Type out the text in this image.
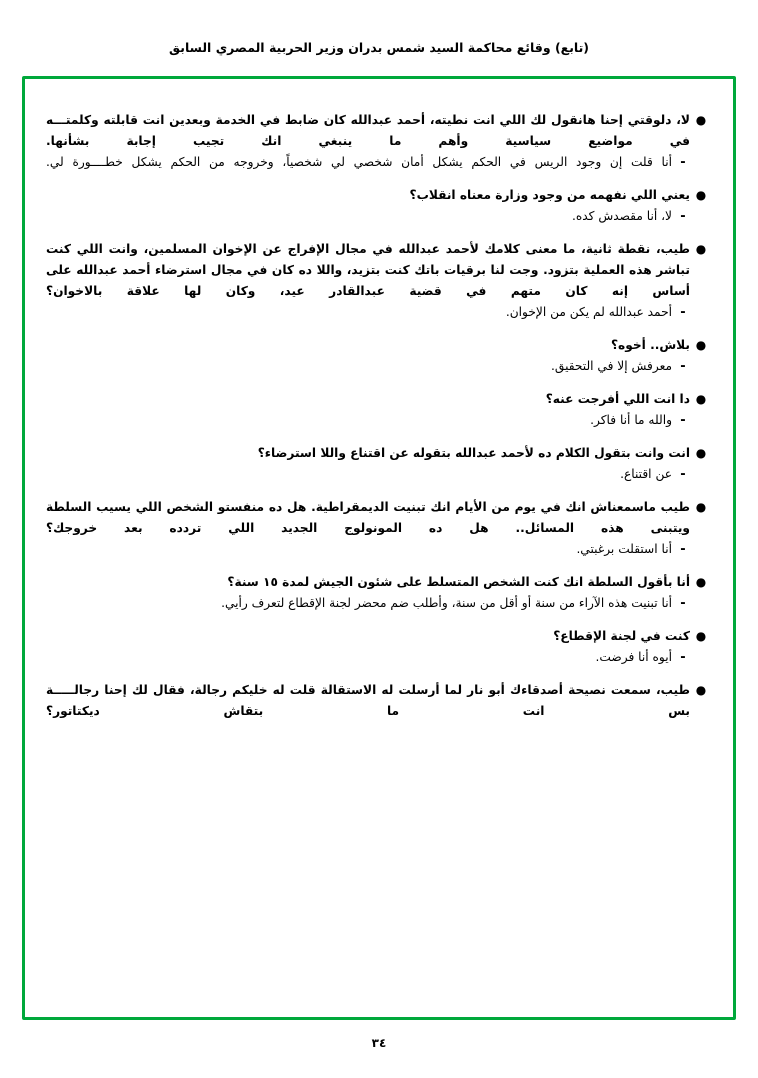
(تابع) وقائع محاكمة السيد شمس بدران وزير الحربية المصري السابق
●
لا، دلوقتي إحنا هانقول لك اللي انت نطيته، أحمد عبدالله كان ضابط في الخدمة وبعدين انت قابلته وكلمتـــه في مواضيع سياسية وأهم ما ينبغي انك تجيب إجابة بشأنها.
-
أنا قلت إن وجود الريس في الحكم يشكل أمان شخصي لي شخصياً، وخروجه من الحكم يشكل خطــــورة لي.
●
يعني اللي نفهمه من وجود وزارة معناه انقلاب؟
-
لا، أنا مقصدش كده.
●
طيب، نقطة ثانية، ما معنى كلامك لأحمد عبدالله في مجال الإفراج عن الإخوان المسلمين، وانت اللي كنت تباشر هذه العملية بتزود. وجت لنا برقيات باتك كنت بتزيد، واللا ده كان في مجال استرضاء أحمد عبدالله على أساس إنه كان متهم في قضية عبدالقادر عيد، وكان لها علاقة بالاخوان؟
-
أحمد عبدالله لم يكن من الإخوان.
●
بلاش.. أخوه؟
-
معرفش إلا في التحقيق.
●
دا انت اللي أفرجت عنه؟
-
والله ما أنا فاكر.
●
انت وانت بتقول الكلام ده لأحمد عبدالله بتقوله عن اقتناع واللا استرضاء؟
-
عن اقتناع.
●
طيب ماسمعناش انك في يوم من الأيام انك تبنيت الديمقراطية. هل ده منفستو الشخص اللي يسيب السلطة ويتبنى هذه المسائل.. هل ده المونولوج الجديد اللي تردده بعد خروجك؟
-
أنا استقلت برغبتي.
●
أنا بأقول السلطة انك كنت الشخص المتسلط على شئون الجيش لمدة ١٥ سنة؟
-
أنا تبنيت هذه الآراء من سنة أو أقل من سنة، وأطلب ضم محضر لجنة الإقطاع لتعرف رأيي.
●
كنت في لجنة الإقطاع؟
-
أيوه أنا فرضت.
●
طيب، سمعت نصيحة أصدقاءك أبو نار لما أرسلت له الاستقالة قلت له خليكم رجالة، فقال لك إحنا رجالـــــة بس انت ما بتقاش ديكتاتور؟
٣٤
